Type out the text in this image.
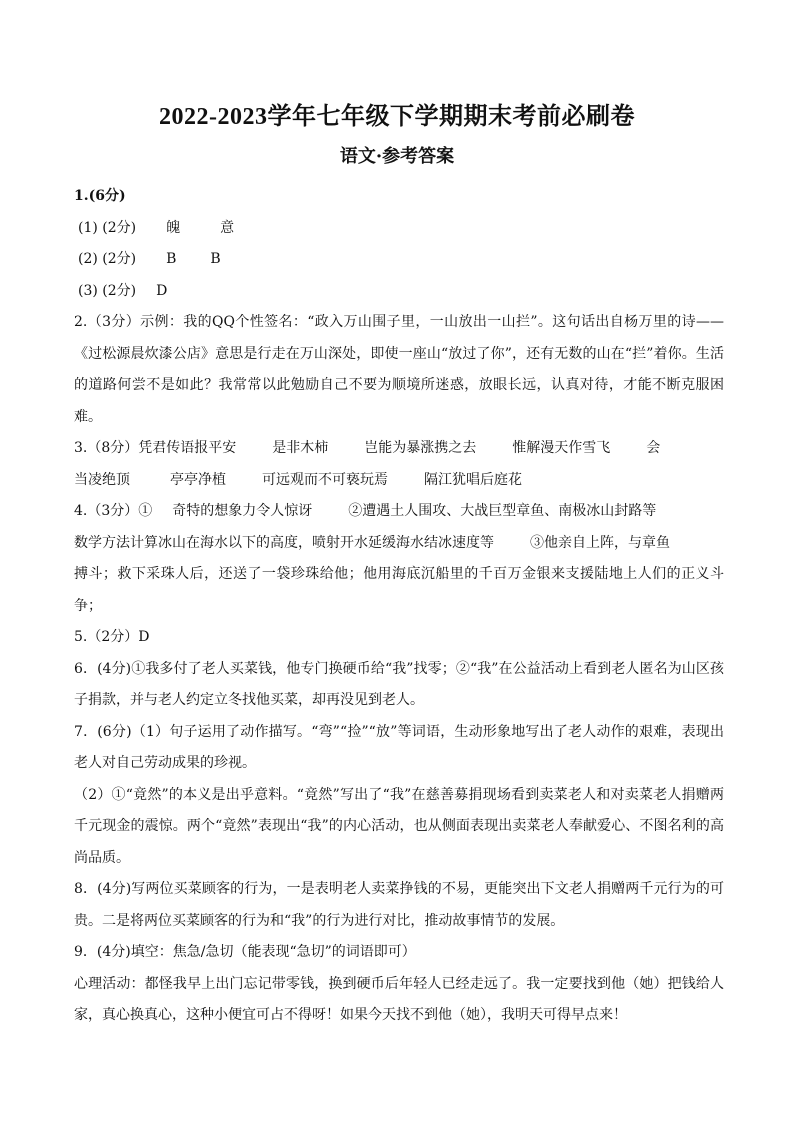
2022-2023学年七年级下学期期末考前必刷卷
语文·参考答案

1.(6分)

(1) (2分) 魄	意

(2) (2分) B B

(3) (2分) D

2.（3分）示例：我的QQ个性签名：“政入万山围子里，一山放出一山拦”。这句话出自杨万里的诗——《过松源晨炊漆公店》意思是行走在万山深处，即使一座山“放过了你”，还有无数的山在“拦”着你。生活的道路何尝不是如此？我常常以此勉励自己不要为顺境所迷惑，放眼长远，认真对待，才能不断克服困难。

3.（8分）凭君传语报平安	是非木柿	岂能为暴涨携之去	惟解漫天作雪飞	会

当凌绝顶	亭亭净植	可远观而不可亵玩焉	隔江犹唱后庭花

4.（3分）① 奇特的想象力令人惊讶	②遭遇土人围攻、大战巨型章鱼、南极冰山封路等

数学方法计算冰山在海水以下的高度，喷射开水延缓海水结冰速度等	③他亲自上阵，与章鱼

搏斗；救下采珠人后，还送了一袋珍珠给他；他用海底沉船里的千百万金银来支援陆地上人们的正义斗争；

5.（2分）D

6．(4分)①我多付了老人买菜钱，他专门换硬币给“我”找零；②“我”在公益活动上看到老人匿名为山区孩子捐款，并与老人约定立冬找他买菜，却再没见到老人。

7．(6分)（1）句子运用了动作描写。“弯”“捡”“放”等词语，生动形象地写出了老人动作的艰难，表现出老人对自己劳动成果的珍视。

（2）①“竟然”的本义是出乎意料。“竟然”写出了“我”在慈善募捐现场看到卖菜老人和对卖菜老人捐赠两千元现金的震惊。两个“竟然”表现出“我”的内心活动，也从侧面表现出卖菜老人奉献爱心、不图名利的高尚品质。

8．(4分)写两位买菜顾客的行为，一是表明老人卖菜挣钱的不易，更能突出下文老人捐赠两千元行为的可贵。二是将两位买菜顾客的行为和“我”的行为进行对比，推动故事情节的发展。

9．(4分)填空：焦急/急切（能表现“急切”的词语即可）

心理活动：都怪我早上出门忘记带零钱，换到硬币后年轻人已经走远了。我一定要找到他（她）把钱给人家，真心换真心，这种小便宜可占不得呀！如果今天找不到他（她），我明天可得早点来！
